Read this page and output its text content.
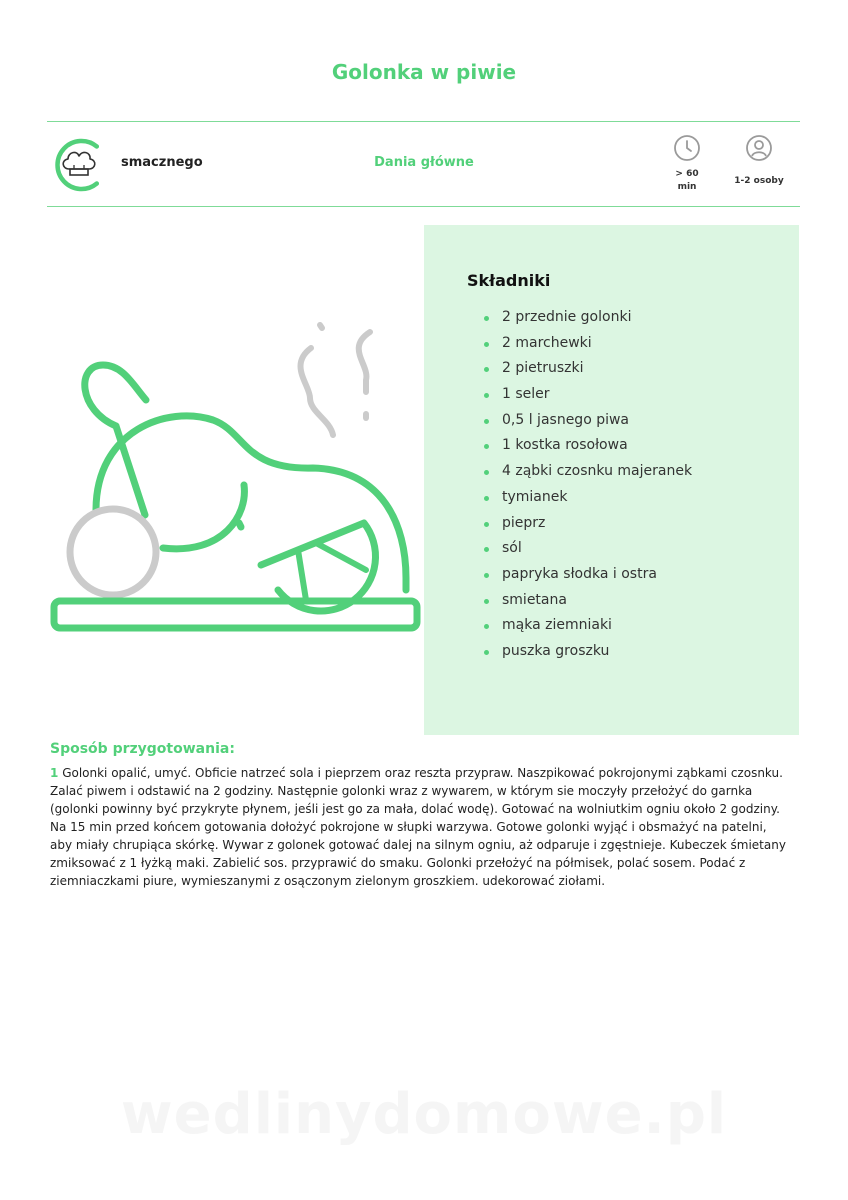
Golonka w piwie
smacznego	Dania główne
> 60
min
1-2 osoby
Składniki
2 przednie golonki
2 marchewki
2 pietruszki
1 seler
0,5 l jasnego piwa
1 kostka rosołowa
4 ząbki czosnku majeranek
tymianek
pieprz
sól
papryka słodka i ostra
smietana
mąka ziemniaki
puszka groszku
Sposób przygotowania:
1 Golonki opalić, umyć. Obficie natrzeć sola i pieprzem oraz reszta przypraw. Naszpikować pokrojonymi ząbkami czosnku. Zalać piwem i odstawić na 2 godziny. Następnie golonki wraz z wywarem, w którym sie moczyły przełożyć do garnka (golonki powinny być przykryte płynem, jeśli jest go za mała, dolać wodę). Gotować na wolniutkim ogniu około 2 godziny. Na 15 min przed końcem gotowania dołożyć pokrojone w słupki warzywa. Gotowe golonki wyjąć i obsmażyć na patelni, aby miały chrupiąca skórkę. Wywar z golonek gotować dalej na silnym ogniu, aż odparuje i zgęstnieje. Kubeczek śmietany zmiksować z 1 łyżką maki. Zabielić sos. przyprawić do smaku. Golonki przełożyć na półmisek, polać sosem. Podać z ziemniaczkami piure, wymieszanymi z osączonym zielonym groszkiem. udekorować ziołami.
wedlinydomowe.pl
